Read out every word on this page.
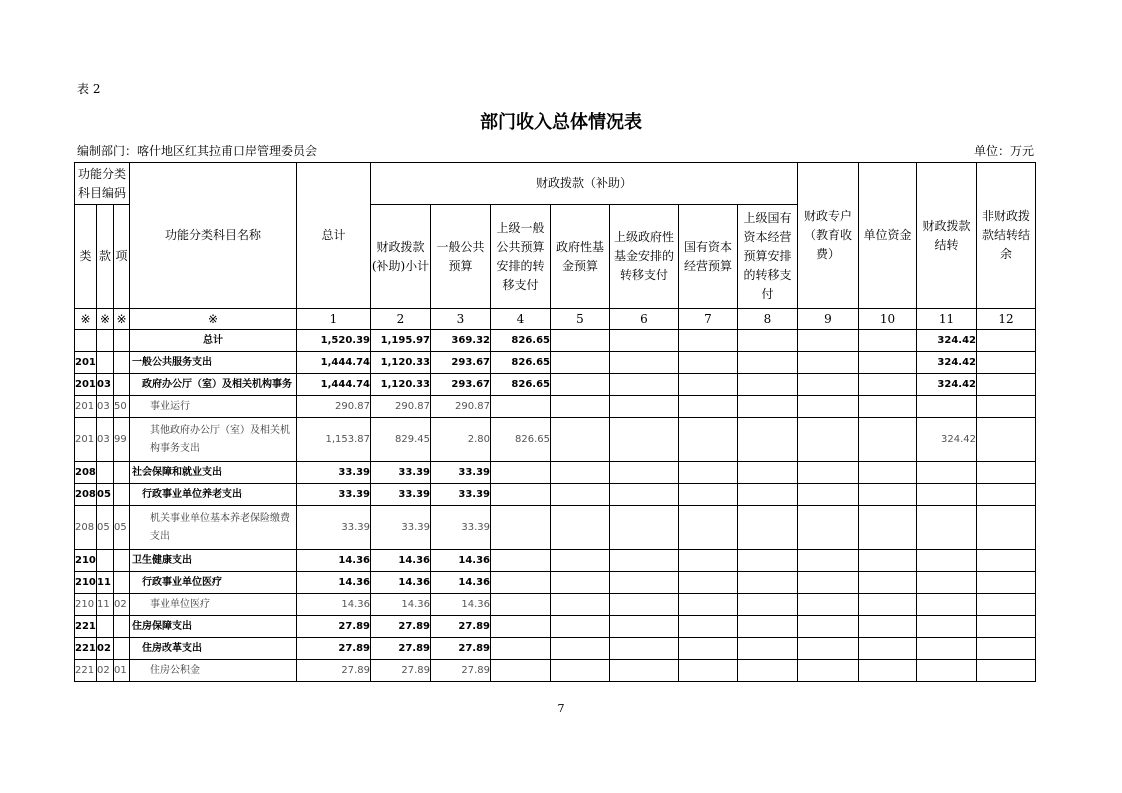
表 2
部门收入总体情况表
编制部门：喀什地区红其拉甫口岸管理委员会	单位：万元
功能分类科目编码			功能分类科目名称	总计	财政拨款（补助）							财政专户（教育收费）	单位资金	财政拨款结转	非财政拨款结转结余
类	款	项			财政拨款(补助)小计	一般公共预算	上级一般公共预算安排的转移支付	政府性基金预算	上级政府性基金安排的转移支付	国有资本经营预算	上级国有资本经营预算安排的转移支付				
※	※	※	※	1	2	3	4	5	6	7	8	9	10	11	12
			总计	1,520.39	1,195.97	369.32	826.65							324.42	
201			一般公共服务支出	1,444.74	1,120.33	293.67	826.65							324.42	
201	03		政府办公厅（室）及相关机构事务	1,444.74	1,120.33	293.67	826.65							324.42	
201	03	50	事业运行	290.87	290.87	290.87									
201	03	99	其他政府办公厅（室）及相关机构事务支出	1,153.87	829.45	2.80	826.65							324.42	
208			社会保障和就业支出	33.39	33.39	33.39									
208	05		行政事业单位养老支出	33.39	33.39	33.39									
208	05	05	机关事业单位基本养老保险缴费支出	33.39	33.39	33.39									
210			卫生健康支出	14.36	14.36	14.36									
210	11		行政事业单位医疗	14.36	14.36	14.36									
210	11	02	事业单位医疗	14.36	14.36	14.36									
221			住房保障支出	27.89	27.89	27.89									
221	02		住房改革支出	27.89	27.89	27.89									
221	02	01	住房公积金	27.89	27.89	27.89									
7
